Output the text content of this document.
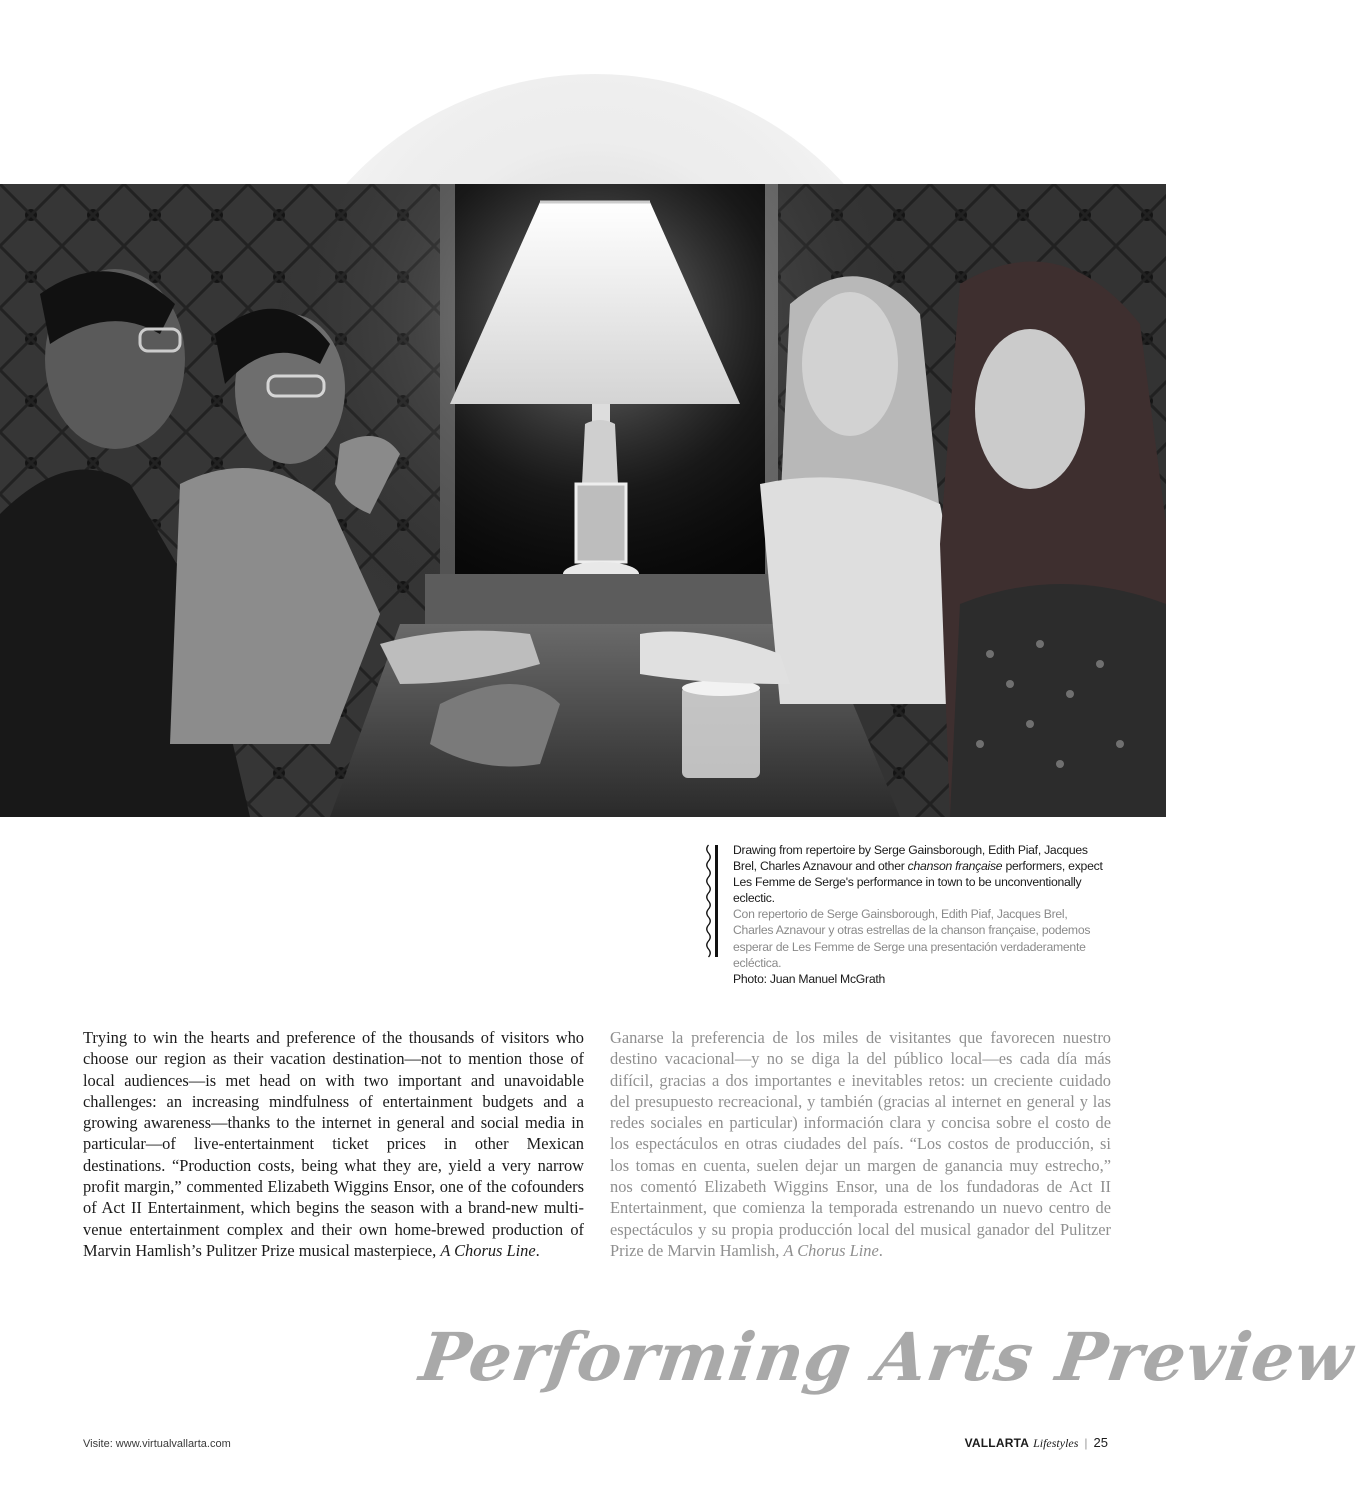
Drawing from repertoire by Serge Gainsborough, Edith Piaf, Jacques Brel, Charles Aznavour and other chanson française performers, expect Les Femme de Serge's performance in town to be unconventionally eclectic.
Con repertorio de Serge Gainsborough, Edith Piaf, Jacques Brel, Charles Aznavour y otras estrellas de la chanson française, podemos esperar de Les Femme de Serge una presentación verdaderamente ecléctica.
Photo: Juan Manuel McGrath
Trying to win the hearts and preference of the thousands of visitors who choose our region as their vacation destination—not to mention those of local audiences—is met head on with two important and unavoidable challenges: an increasing mindfulness of entertainment budgets and a growing awareness—thanks to the internet in general and social media in particular—of live-entertainment ticket prices in other Mexican destinations. “Production costs, being what they are, yield a very narrow profit margin,” commented Elizabeth Wiggins Ensor, one of the cofounders of Act II Entertainment, which begins the season with a brand-new multi-venue entertainment complex and their own home-brewed production of Marvin Hamlish’s Pulitzer Prize musical masterpiece, A Chorus Line.
Ganarse la preferencia de los miles de visitantes que favorecen nuestro destino vacacional—y no se diga la del público local—es cada día más difícil, gracias a dos importantes e inevitables retos: un creciente cuidado del presupuesto recreacional, y también (gracias al internet en general y las redes sociales en particular) información clara y concisa sobre el costo de los espectáculos en otras ciudades del país. “Los costos de producción, si los tomas en cuenta, suelen dejar un margen de ganancia muy estrecho,” nos comentó Elizabeth Wiggins Ensor, una de los fundadoras de Act II Entertainment, que comienza la temporada estrenando un nuevo centro de espectáculos y su propia producción local del musical ganador del Pulitzer Prize de Marvin Hamlish, A Chorus Line.
Performing Arts Preview
Visite: www.virtualvallarta.com	VALLARTA Lifestyles | 25
